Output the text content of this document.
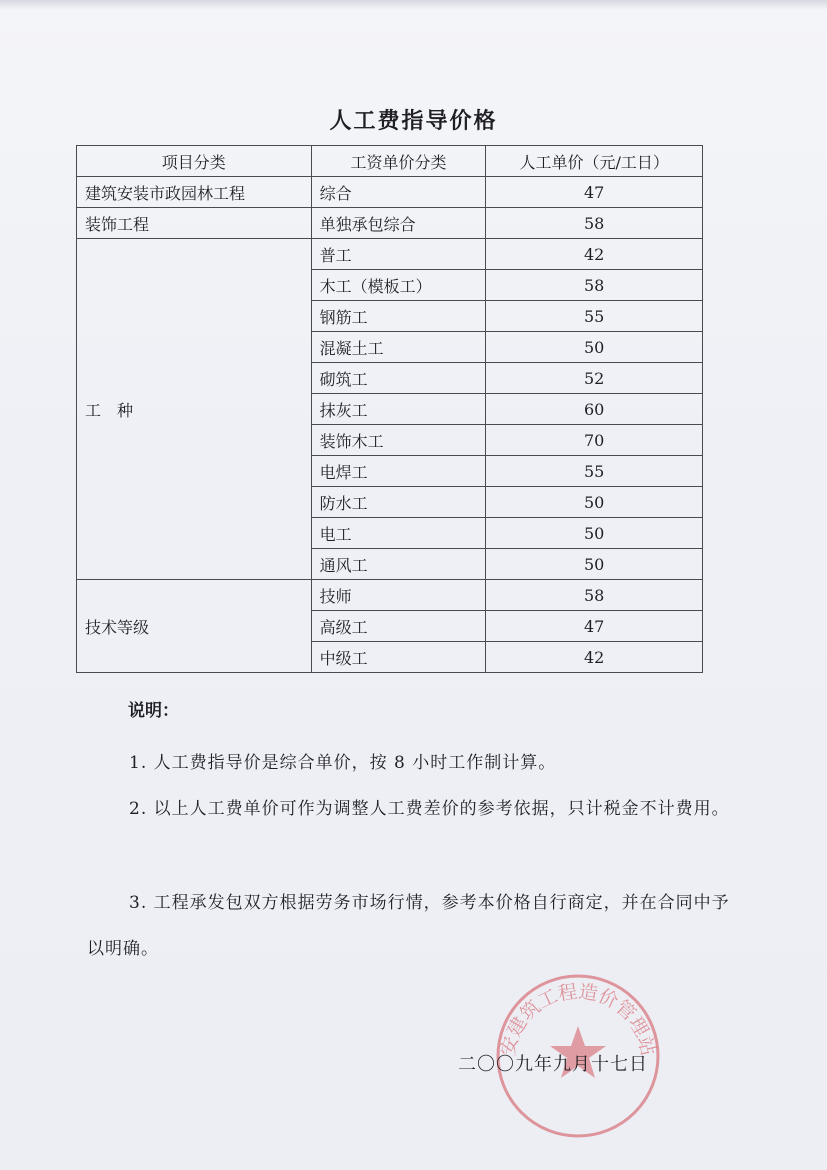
人工费指导价格
项目分类	工资单价分类	人工单价（元/工日）
建筑安装市政园林工程	综合	47
装饰工程	单独承包综合	58
工　种	普工	42
	木工（模板工）	58
	钢筋工	55
	混凝土工	50
	砌筑工	52
	抹灰工	60
	装饰木工	70
	电焊工	55
	防水工	50
	电工	50
	通风工	50
技术等级	技师	58
	高级工	47
	中级工	42
说明：
1. 人工费指导价是综合单价，按 8 小时工作制计算。
2. 以上人工费单价可作为调整人工费差价的参考依据，只计税金不计费用。
3. 工程承发包双方根据劳务市场行情，参考本价格自行商定，并在合同中予以明确。
安建筑工程造价管理站
二〇〇九年九月十七日
